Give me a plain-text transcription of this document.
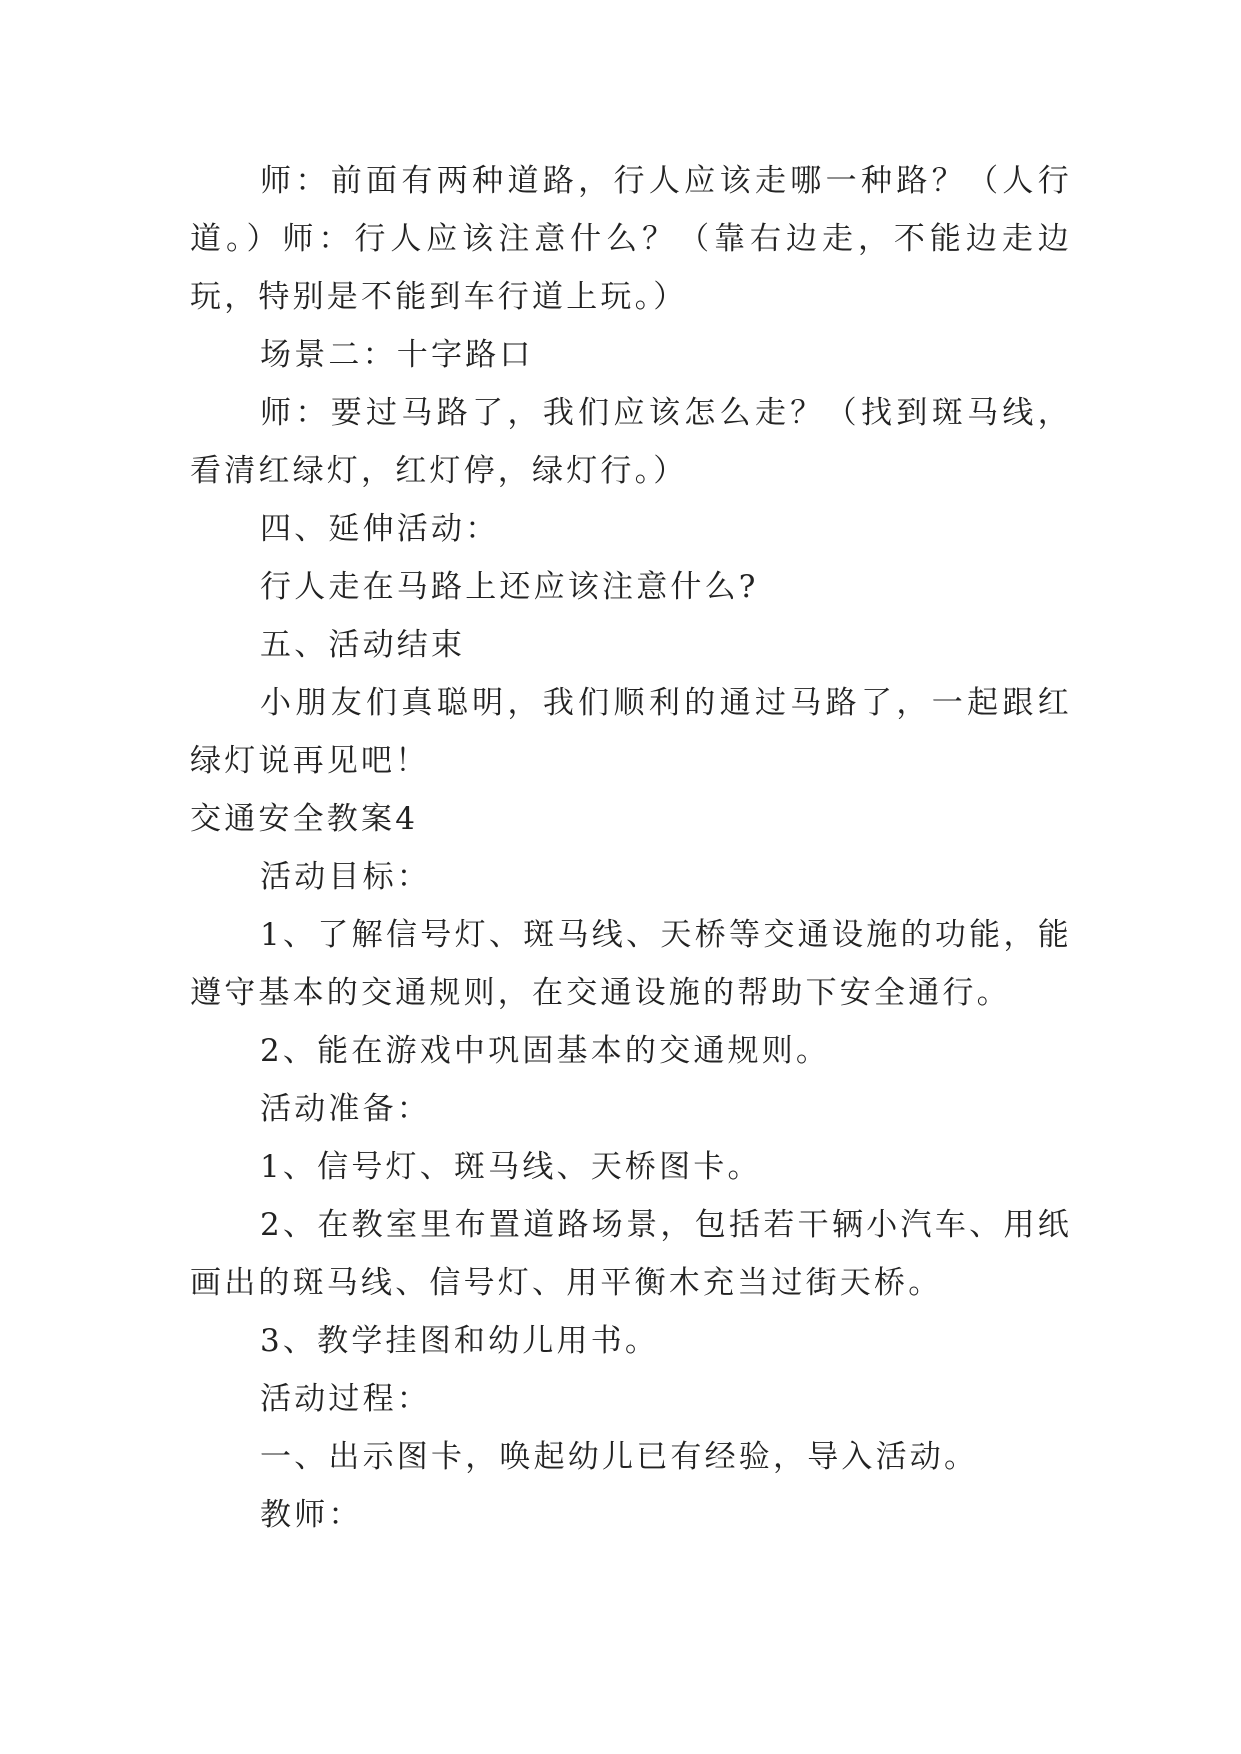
师：前面有两种道路，行人应该走哪一种路？（人行道。）师：行人应该注意什么？（靠右边走，不能边走边玩，特别是不能到车行道上玩。）

场景二：十字路口

师：要过马路了，我们应该怎么走？（找到斑马线，看清红绿灯，红灯停，绿灯行。）

四、延伸活动：

行人走在马路上还应该注意什么?

五、活动结束

小朋友们真聪明，我们顺利的通过马路了，一起跟红绿灯说再见吧！

交通安全教案4

活动目标：

1、了解信号灯、斑马线、天桥等交通设施的功能，能遵守基本的交通规则，在交通设施的帮助下安全通行。

2、能在游戏中巩固基本的交通规则。

活动准备：

1、信号灯、斑马线、天桥图卡。

2、在教室里布置道路场景，包括若干辆小汽车、用纸画出的斑马线、信号灯、用平衡木充当过街天桥。

3、教学挂图和幼儿用书。

活动过程：

一、出示图卡，唤起幼儿已有经验，导入活动。

教师：
